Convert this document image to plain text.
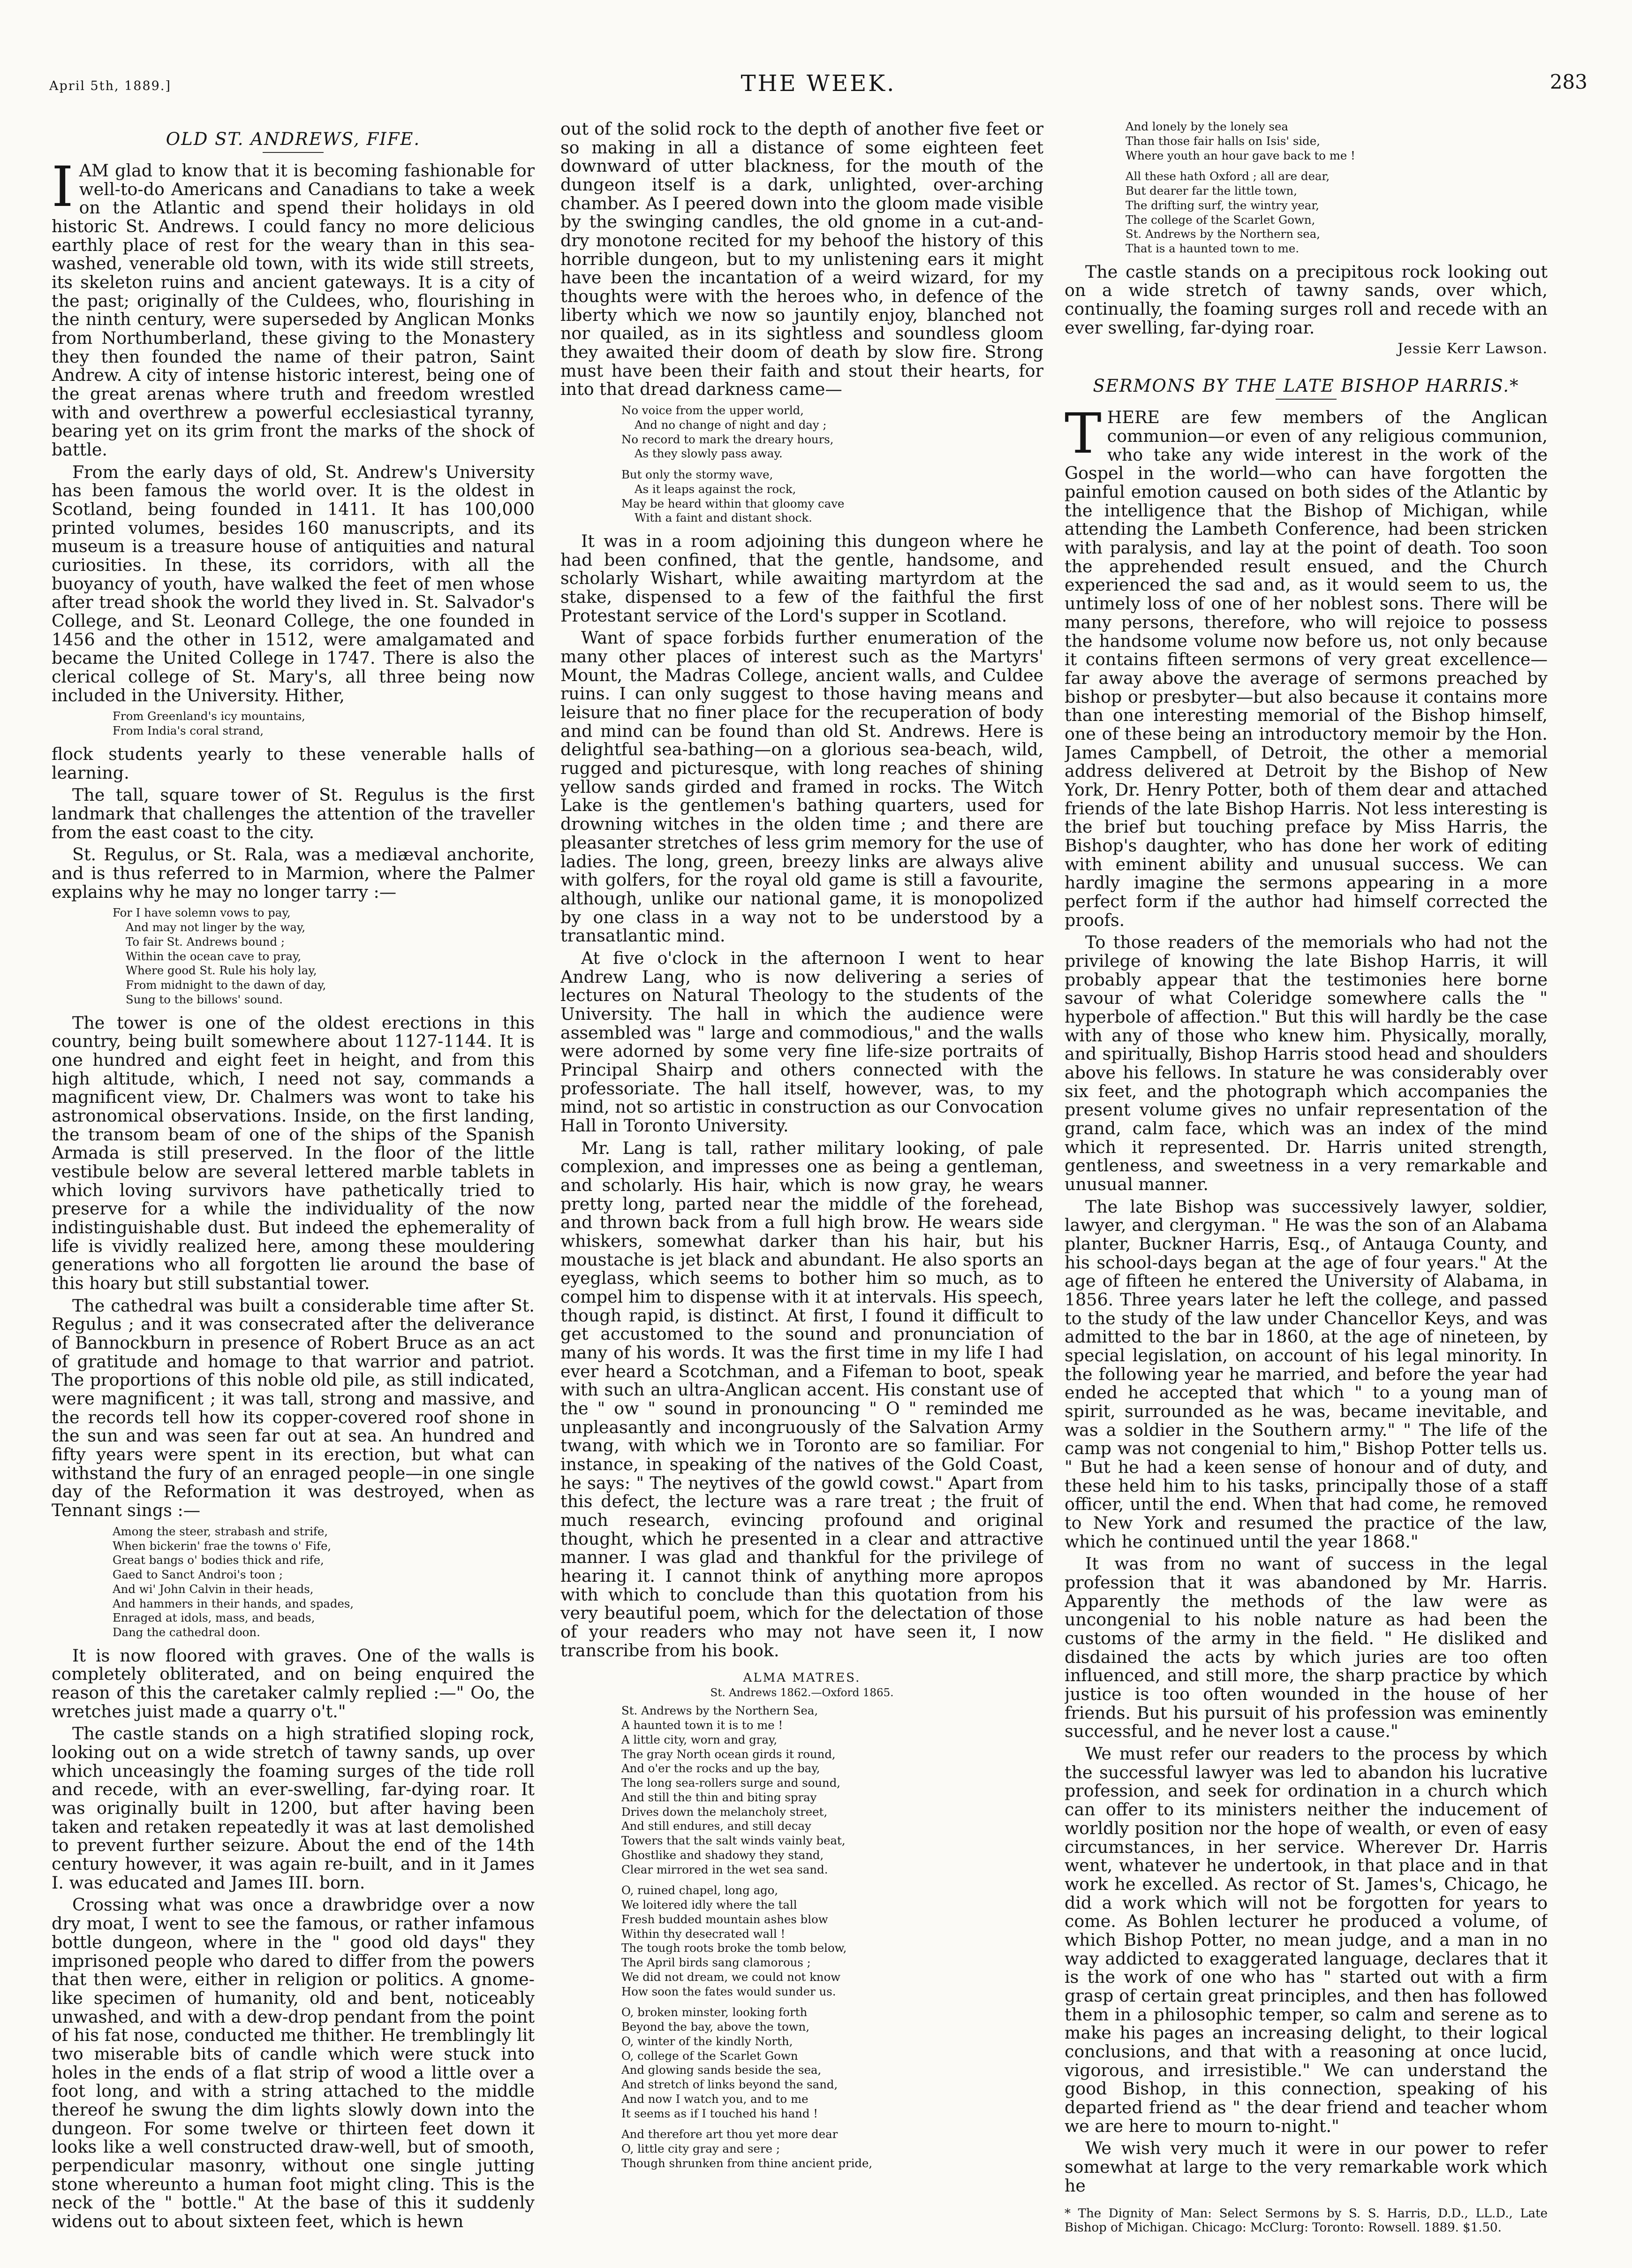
April 5th, 1889.]	THE WEEK.	283
OLD ST. ANDREWS, FIFE.

IAM glad to know that it is becoming fashionable for well-to-do Americans and Canadians to take a week on the Atlantic and spend their holidays in old historic St. Andrews. I could fancy no more delicious earthly place of rest for the weary than in this sea-washed, venerable old town, with its wide still streets, its skeleton ruins and ancient gateways. It is a city of the past; originally of the Culdees, who, flourishing in the ninth century, were superseded by Anglican Monks from Northumberland, these giving to the Monastery they then founded the name of their patron, Saint Andrew. A city of intense historic interest, being one of the great arenas where truth and freedom wrestled with and overthrew a powerful ecclesiastical tyranny, bearing yet on its grim front the marks of the shock of battle.

From the early days of old, St. Andrew's University has been famous the world over. It is the oldest in Scotland, being founded in 1411. It has 100,000 printed volumes, besides 160 manuscripts, and its museum is a treasure house of antiquities and natural curiosities. In these, its corridors, with all the buoyancy of youth, have walked the feet of men whose after tread shook the world they lived in. St. Salvador's College, and St. Leonard College, the one founded in 1456 and the other in 1512, were amalgamated and became the United College in 1747. There is also the clerical college of St. Mary's, all three being now included in the University. Hither,

From Greenland's icy mountains,
From India's coral strand,

flock students yearly to these venerable halls of learning.

The tall, square tower of St. Regulus is the first landmark that challenges the attention of the traveller from the east coast to the city.

St. Regulus, or St. Rala, was a mediæval anchorite, and is thus referred to in Marmion, where the Palmer explains why he may no longer tarry :—

For I have solemn vows to pay,
And may not linger by the way,
To fair St. Andrews bound ;
Within the ocean cave to pray,
Where good St. Rule his holy lay,
From midnight to the dawn of day,
Sung to the billows' sound.

The tower is one of the oldest erections in this country, being built somewhere about 1127-1144. It is one hundred and eight feet in height, and from this high altitude, which, I need not say, commands a magnificent view, Dr. Chalmers was wont to take his astronomical observations. Inside, on the first landing, the transom beam of one of the ships of the Spanish Armada is still preserved. In the floor of the little vestibule below are several lettered marble tablets in which loving survivors have pathetically tried to preserve for a while the individuality of the now indistinguishable dust. But indeed the ephemerality of life is vividly realized here, among these mouldering generations who all forgotten lie around the base of this hoary but still substantial tower.

The cathedral was built a considerable time after St. Regulus ; and it was consecrated after the deliverance of Bannockburn in presence of Robert Bruce as an act of gratitude and homage to that warrior and patriot. The proportions of this noble old pile, as still indicated, were magnificent ; it was tall, strong and massive, and the records tell how its copper-covered roof shone in the sun and was seen far out at sea. An hundred and fifty years were spent in its erection, but what can withstand the fury of an enraged people—in one single day of the Reformation it was destroyed, when as Tennant sings :—

Among the steer, strabash and strife,
When bickerin' frae the towns o' Fife,
Great bangs o' bodies thick and rife,
Gaed to Sanct Androi's toon ;
And wi' John Calvin in their heads,
And hammers in their hands, and spades,
Enraged at idols, mass, and beads,
Dang the cathedral doon.

It is now floored with graves. One of the walls is completely obliterated, and on being enquired the reason of this the caretaker calmly replied :—" Oo, the wretches juist made a quarry o't."

The castle stands on a high stratified sloping rock, looking out on a wide stretch of tawny sands, up over which unceasingly the foaming surges of the tide roll and recede, with an ever-swelling, far-dying roar. It was originally built in 1200, but after having been taken and retaken repeatedly it was at last demolished to prevent further seizure. About the end of the 14th century however, it was again re-built, and in it James I. was educated and James III. born.

Crossing what was once a drawbridge over a now dry moat, I went to see the famous, or rather infamous bottle dungeon, where in the " good old days" they imprisoned people who dared to differ from the powers that then were, either in religion or politics. A gnome-like specimen of humanity, old and bent, noticeably unwashed, and with a dew-drop pendant from the point of his fat nose, conducted me thither. He tremblingly lit two miserable bits of candle which were stuck into holes in the ends of a flat strip of wood a little over a foot long, and with a string attached to the middle thereof he swung the dim lights slowly down into the dungeon. For some twelve or thirteen feet down it looks like a well constructed draw-well, but of smooth, perpendicular masonry, without one single jutting stone whereunto a human foot might cling. This is the neck of the " bottle." At the base of this it suddenly widens out to about sixteen feet, which is hewn

out of the solid rock to the depth of another five feet or so making in all a distance of some eighteen feet downward of utter blackness, for the mouth of the dungeon itself is a dark, unlighted, over-arching chamber. As I peered down into the gloom made visible by the swinging candles, the old gnome in a cut-and-dry monotone recited for my behoof the history of this horrible dungeon, but to my unlistening ears it might have been the incantation of a weird wizard, for my thoughts were with the heroes who, in defence of the liberty which we now so jauntily enjoy, blanched not nor quailed, as in its sightless and soundless gloom they awaited their doom of death by slow fire. Strong must have been their faith and stout their hearts, for into that dread darkness came—

No voice from the upper world,
And no change of night and day ;
No record to mark the dreary hours,
As they slowly pass away.
But only the stormy wave,
As it leaps against the rock,
May be heard within that gloomy cave
With a faint and distant shock.

It was in a room adjoining this dungeon where he had been confined, that the gentle, handsome, and scholarly Wishart, while awaiting martyrdom at the stake, dispensed to a few of the faithful the first Protestant service of the Lord's supper in Scotland.

Want of space forbids further enumeration of the many other places of interest such as the Martyrs' Mount, the Madras College, ancient walls, and Culdee ruins. I can only suggest to those having means and leisure that no finer place for the recuperation of body and mind can be found than old St. Andrews. Here is delightful sea-bathing—on a glorious sea-beach, wild, rugged and picturesque, with long reaches of shining yellow sands girded and framed in rocks. The Witch Lake is the gentlemen's bathing quarters, used for drowning witches in the olden time ; and there are pleasanter stretches of less grim memory for the use of ladies. The long, green, breezy links are always alive with golfers, for the royal old game is still a favourite, although, unlike our national game, it is monopolized by one class in a way not to be understood by a transatlantic mind.

At five o'clock in the afternoon I went to hear Andrew Lang, who is now delivering a series of lectures on Natural Theology to the students of the University. The hall in which the audience were assembled was " large and commodious," and the walls were adorned by some very fine life-size portraits of Principal Shairp and others connected with the professoriate. The hall itself, however, was, to my mind, not so artistic in construction as our Convocation Hall in Toronto University.

Mr. Lang is tall, rather military looking, of pale complexion, and impresses one as being a gentleman, and scholarly. His hair, which is now gray, he wears pretty long, parted near the middle of the forehead, and thrown back from a full high brow. He wears side whiskers, somewhat darker than his hair, but his moustache is jet black and abundant. He also sports an eyeglass, which seems to bother him so much, as to compel him to dispense with it at intervals. His speech, though rapid, is distinct. At first, I found it difficult to get accustomed to the sound and pronunciation of many of his words. It was the first time in my life I had ever heard a Scotchman, and a Fifeman to boot, speak with such an ultra-Anglican accent. His constant use of the " ow " sound in pronouncing " O " reminded me unpleasantly and incongruously of the Salvation Army twang, with which we in Toronto are so familiar. For instance, in speaking of the natives of the Gold Coast, he says: " The neytives of the gowld cowst." Apart from this defect, the lecture was a rare treat ; the fruit of much research, evincing profound and original thought, which he presented in a clear and attractive manner. I was glad and thankful for the privilege of hearing it. I cannot think of anything more apropos with which to conclude than this quotation from his very beautiful poem, which for the delectation of those of your readers who may not have seen it, I now transcribe from his book.

ALMA MATRES.
St. Andrews 1862.—Oxford 1865.
St. Andrews by the Northern Sea,
A haunted town it is to me !
A little city, worn and gray,
The gray North ocean girds it round,
And o'er the rocks and up the bay,
The long sea-rollers surge and sound,
And still the thin and biting spray
Drives down the melancholy street,
And still endures, and still decay
Towers that the salt winds vainly beat,
Ghostlike and shadowy they stand,
Clear mirrored in the wet sea sand.
O, ruined chapel, long ago,
We loitered idly where the tall
Fresh budded mountain ashes blow
Within thy desecrated wall !
The tough roots broke the tomb below,
The April birds sang clamorous ;
We did not dream, we could not know
How soon the fates would sunder us.
O, broken minster, looking forth
Beyond the bay, above the town,
O, winter of the kindly North,
O, college of the Scarlet Gown
And glowing sands beside the sea,
And stretch of links beyond the sand,
And now I watch you, and to me
It seems as if I touched his hand !
And therefore art thou yet more dear
O, little city gray and sere ;
Though shrunken from thine ancient pride,
And lonely by the lonely sea
Than those fair halls on Isis' side,
Where youth an hour gave back to me !
All these hath Oxford ; all are dear,
But dearer far the little town,
The drifting surf, the wintry year,
The college of the Scarlet Gown,
St. Andrews by the Northern sea,
That is a haunted town to me.

The castle stands on a precipitous rock looking out on a wide stretch of tawny sands, over which, continually, the foaming surges roll and recede with an ever swelling, far-dying roar.

Jessie Kerr Lawson.
SERMONS BY THE LATE BISHOP HARRIS.*

THERE are few members of the Anglican communion—or even of any religious communion, who take any wide interest in the work of the Gospel in the world—who can have forgotten the painful emotion caused on both sides of the Atlantic by the intelligence that the Bishop of Michigan, while attending the Lambeth Conference, had been stricken with paralysis, and lay at the point of death. Too soon the apprehended result ensued, and the Church experienced the sad and, as it would seem to us, the untimely loss of one of her noblest sons. There will be many persons, therefore, who will rejoice to possess the handsome volume now before us, not only because it contains fifteen sermons of very great excellence—far away above the average of sermons preached by bishop or presbyter—but also because it contains more than one interesting memorial of the Bishop himself, one of these being an introductory memoir by the Hon. James Campbell, of Detroit, the other a memorial address delivered at Detroit by the Bishop of New York, Dr. Henry Potter, both of them dear and attached friends of the late Bishop Harris. Not less interesting is the brief but touching preface by Miss Harris, the Bishop's daughter, who has done her work of editing with eminent ability and unusual success. We can hardly imagine the sermons appearing in a more perfect form if the author had himself corrected the proofs.

To those readers of the memorials who had not the privilege of knowing the late Bishop Harris, it will probably appear that the testimonies here borne savour of what Coleridge somewhere calls the " hyperbole of affection." But this will hardly be the case with any of those who knew him. Physically, morally, and spiritually, Bishop Harris stood head and shoulders above his fellows. In stature he was considerably over six feet, and the photograph which accompanies the present volume gives no unfair representation of the grand, calm face, which was an index of the mind which it represented. Dr. Harris united strength, gentleness, and sweetness in a very remarkable and unusual manner.

The late Bishop was successively lawyer, soldier, lawyer, and clergyman. " He was the son of an Alabama planter, Buckner Harris, Esq., of Antauga County, and his school-days began at the age of four years." At the age of fifteen he entered the University of Alabama, in 1856. Three years later he left the college, and passed to the study of the law under Chancellor Keys, and was admitted to the bar in 1860, at the age of nineteen, by special legislation, on account of his legal minority. In the following year he married, and before the year had ended he accepted that which " to a young man of spirit, surrounded as he was, became inevitable, and was a soldier in the Southern army." " The life of the camp was not congenial to him," Bishop Potter tells us. " But he had a keen sense of honour and of duty, and these held him to his tasks, principally those of a staff officer, until the end. When that had come, he removed to New York and resumed the practice of the law, which he continued until the year 1868."

It was from no want of success in the legal profession that it was abandoned by Mr. Harris. Apparently the methods of the law were as uncongenial to his noble nature as had been the customs of the army in the field. " He disliked and disdained the acts by which juries are too often influenced, and still more, the sharp practice by which justice is too often wounded in the house of her friends. But his pursuit of his profession was eminently successful, and he never lost a cause."

We must refer our readers to the process by which the successful lawyer was led to abandon his lucrative profession, and seek for ordination in a church which can offer to its ministers neither the inducement of worldly position nor the hope of wealth, or even of easy circumstances, in her service. Wherever Dr. Harris went, whatever he undertook, in that place and in that work he excelled. As rector of St. James's, Chicago, he did a work which will not be forgotten for years to come. As Bohlen lecturer he produced a volume, of which Bishop Potter, no mean judge, and a man in no way addicted to exaggerated language, declares that it is the work of one who has " started out with a firm grasp of certain great principles, and then has followed them in a philosophic temper, so calm and serene as to make his pages an increasing delight, to their logical conclusions, and that with a reasoning at once lucid, vigorous, and irresistible." We can understand the good Bishop, in this connection, speaking of his departed friend as " the dear friend and teacher whom we are here to mourn to-night."

We wish very much it were in our power to refer somewhat at large to the very remarkable work which he

* The Dignity of Man: Select Sermons by S. S. Harris, D.D., LL.D., Late Bishop of Michigan. Chicago: McClurg: Toronto: Rowsell. 1889. $1.50.
